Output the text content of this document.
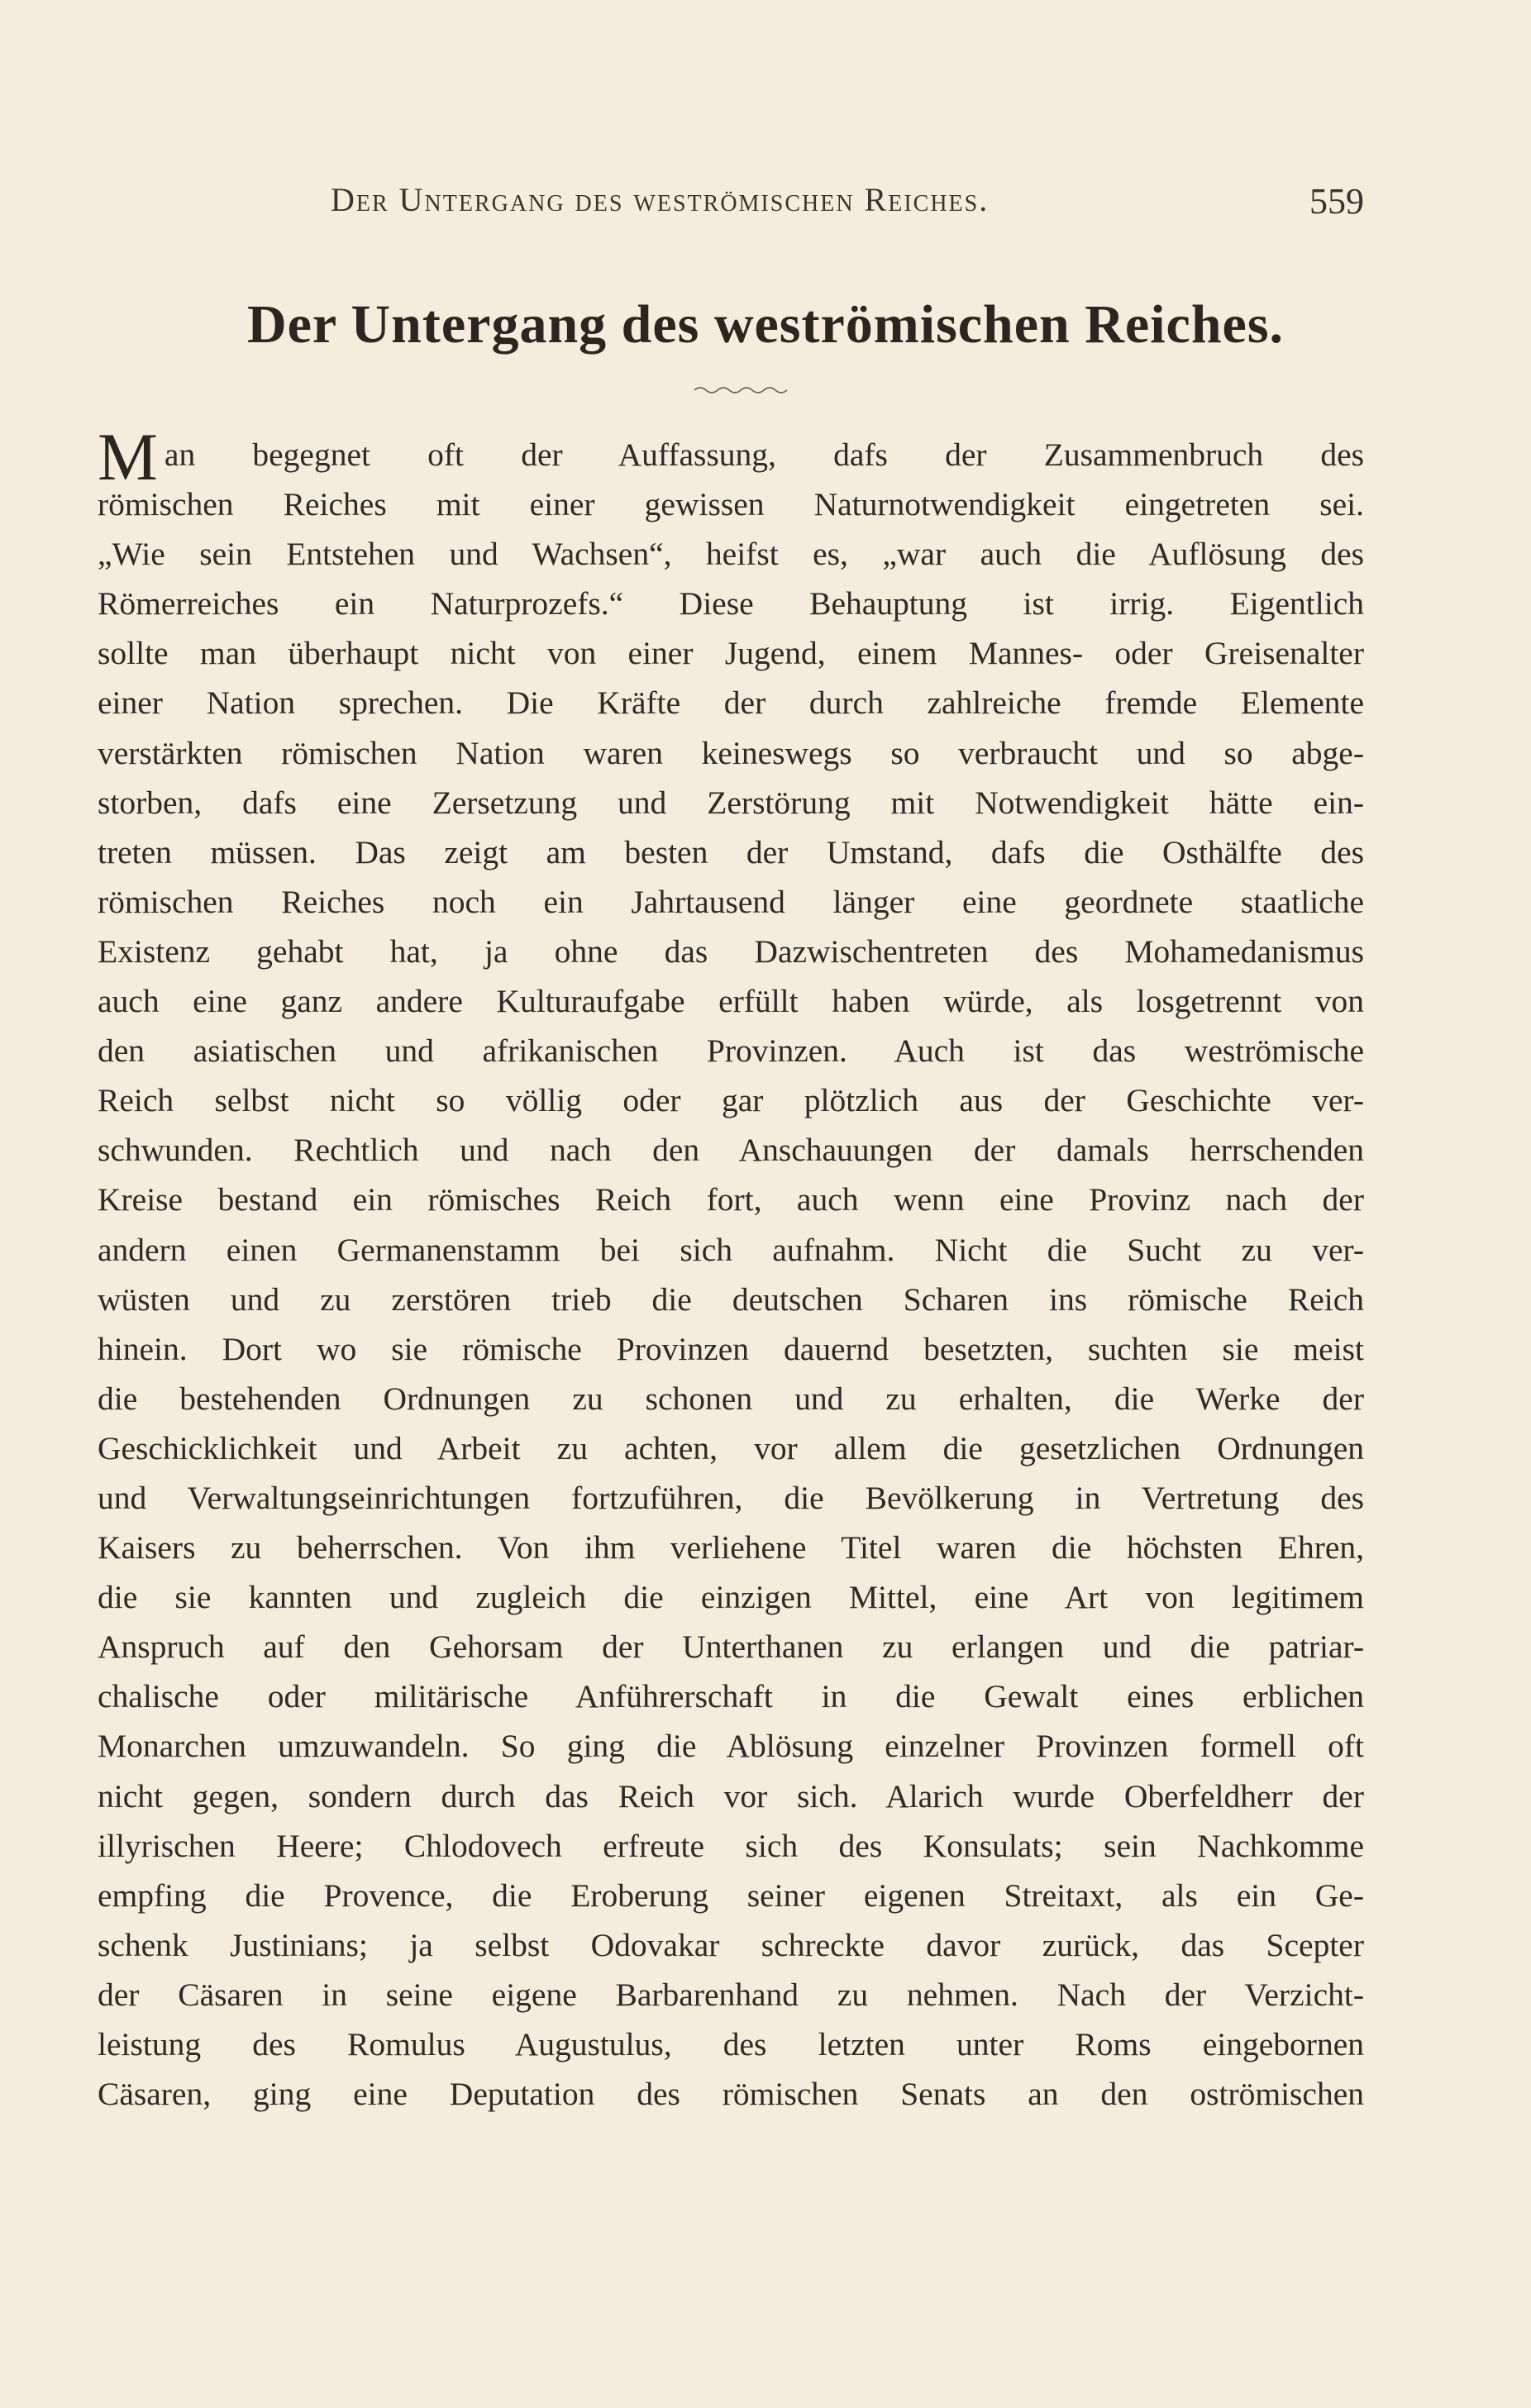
Der Untergang des weströmischen Reiches.	559
Der Untergang des weströmischen Reiches.
M an begegnet oft der Auffassung, dafs der Zusammenbruch des
römischen Reiches mit einer gewissen Naturnotwendigkeit eingetreten sei.
„Wie sein Entstehen und Wachsen“, heifst es, „war auch die Auflösung des
Römerreiches ein Naturprozefs.“ Diese Behauptung ist irrig. Eigentlich
sollte man überhaupt nicht von einer Jugend, einem Mannes- oder Greisenalter
einer Nation sprechen. Die Kräfte der durch zahlreiche fremde Elemente
verstärkten römischen Nation waren keineswegs so verbraucht und so abge-
storben, dafs eine Zersetzung und Zerstörung mit Notwendigkeit hätte ein-
treten müssen. Das zeigt am besten der Umstand, dafs die Osthälfte des
römischen Reiches noch ein Jahrtausend länger eine geordnete staatliche
Existenz gehabt hat, ja ohne das Dazwischentreten des Mohamedanismus
auch eine ganz andere Kulturaufgabe erfüllt haben würde, als losgetrennt von
den asiatischen und afrikanischen Provinzen. Auch ist das weströmische
Reich selbst nicht so völlig oder gar plötzlich aus der Geschichte ver-
schwunden. Rechtlich und nach den Anschauungen der damals herrschenden
Kreise bestand ein römisches Reich fort, auch wenn eine Provinz nach der
andern einen Germanenstamm bei sich aufnahm. Nicht die Sucht zu ver-
wüsten und zu zerstören trieb die deutschen Scharen ins römische Reich
hinein. Dort wo sie römische Provinzen dauernd besetzten, suchten sie meist
die bestehenden Ordnungen zu schonen und zu erhalten, die Werke der
Geschicklichkeit und Arbeit zu achten, vor allem die gesetzlichen Ordnungen
und Verwaltungseinrichtungen fortzuführen, die Bevölkerung in Vertretung des
Kaisers zu beherrschen. Von ihm verliehene Titel waren die höchsten Ehren,
die sie kannten und zugleich die einzigen Mittel, eine Art von legitimem
Anspruch auf den Gehorsam der Unterthanen zu erlangen und die patriar-
chalische oder militärische Anführerschaft in die Gewalt eines erblichen
Monarchen umzuwandeln. So ging die Ablösung einzelner Provinzen formell oft
nicht gegen, sondern durch das Reich vor sich. Alarich wurde Oberfeldherr der
illyrischen Heere; Chlodovech erfreute sich des Konsulats; sein Nachkomme
empfing die Provence, die Eroberung seiner eigenen Streitaxt, als ein Ge-
schenk Justinians; ja selbst Odovakar schreckte davor zurück, das Scepter
der Cäsaren in seine eigene Barbarenhand zu nehmen. Nach der Verzicht-
leistung des Romulus Augustulus, des letzten unter Roms eingebornen
Cäsaren, ging eine Deputation des römischen Senats an den oströmischen
